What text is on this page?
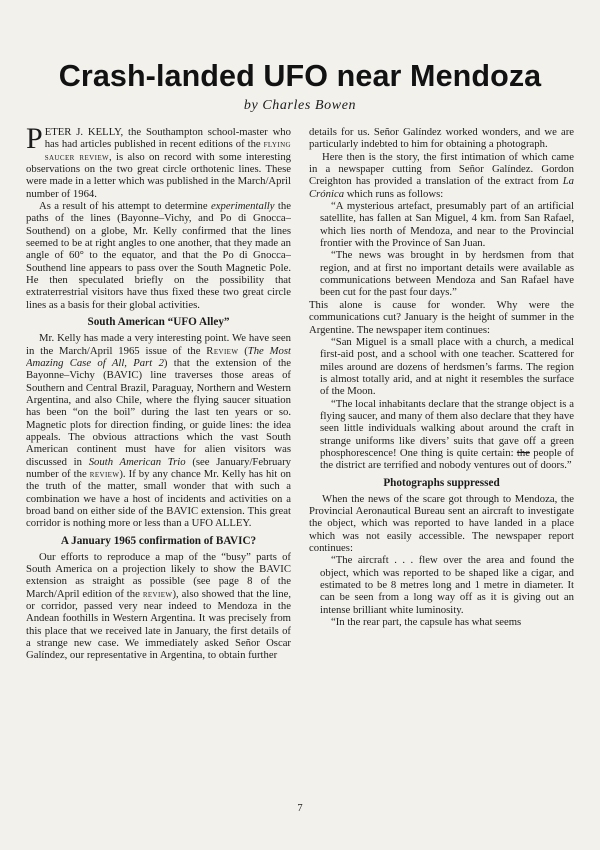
Crash-landed UFO near Mendoza
by Charles Bowen

PETER J. KELLY, the Southampton school-master who has had articles published in recent editions of the flying saucer review, is also on record with some interesting observations on the two great circle orthotenic lines. These were made in a letter which was published in the March/April number of 1964.

As a result of his attempt to determine experimentally the paths of the lines (Bayonne–Vichy, and Po di Gnocca–Southend) on a globe, Mr. Kelly confirmed that the lines seemed to be at right angles to one another, that they made an angle of 60° to the equator, and that the Po di Gnocca–Southend line appears to pass over the South Magnetic Pole. He then speculated briefly on the possibility that extraterrestrial visitors have thus fixed these two great circle lines as a basis for their global activities.

South American “UFO Alley”

Mr. Kelly has made a very interesting point. We have seen in the March/April 1965 issue of the Review (The Most Amazing Case of All, Part 2) that the extension of the Bayonne–Vichy (BAVIC) line traverses those areas of Southern and Central Brazil, Paraguay, Northern and Western Argentina, and also Chile, where the flying saucer situation has been “on the boil” during the last ten years or so. Magnetic plots for direction finding, or guide lines: the idea appeals. The obvious attractions which the vast South American continent must have for alien visitors was discussed in South American Trio (see January/February number of the review). If by any chance Mr. Kelly has hit on the truth of the matter, small wonder that with such a combination we have a host of incidents and activities on a broad band on either side of the BAVIC extension. This great corridor is nothing more or less than a UFO ALLEY.

A January 1965 confirmation of BAVIC?

Our efforts to reproduce a map of the “busy” parts of South America on a projection likely to show the BAVIC extension as straight as possible (see page 8 of the March/April edition of the review), also showed that the line, or corridor, passed very near indeed to Mendoza in the Andean foothills in Western Argentina. It was precisely from this place that we received late in January, the first details of a strange new case. We immediately asked Señor Oscar Galíndez, our representative in Argentina, to obtain further

details for us. Señor Galíndez worked wonders, and we are particularly indebted to him for obtaining a photograph.

Here then is the story, the first intimation of which came in a newspaper cutting from Señor Galíndez. Gordon Creighton has provided a translation of the extract from La Crónica which runs as follows:

“A mysterious artefact, presumably part of an artificial satellite, has fallen at San Miguel, 4 km. from San Rafael, which lies north of Mendoza, and near to the Provincial frontier with the Province of San Juan.

“The news was brought in by herdsmen from that region, and at first no important details were available as communications between Mendoza and San Rafael have been cut for the past four days.”

This alone is cause for wonder. Why were the communications cut? January is the height of summer in the Argentine. The newspaper item continues:

“San Miguel is a small place with a church, a medical first-aid post, and a school with one teacher. Scattered for miles around are dozens of herdsmen’s farms. The region is almost totally arid, and at night it resembles the surface of the Moon.

“The local inhabitants declare that the strange object is a flying saucer, and many of them also declare that they have seen little individuals walking about around the craft in strange uniforms like divers’ suits that gave off a green phosphorescence! One thing is quite certain: the people of the district are terrified and nobody ventures out of doors.”

Photographs suppressed

When the news of the scare got through to Mendoza, the Provincial Aeronautical Bureau sent an aircraft to investigate the object, which was reported to have landed in a place which was not easily accessible. The newspaper report continues:

“The aircraft . . . flew over the area and found the object, which was reported to be shaped like a cigar, and estimated to be 8 metres long and 1 metre in diameter. It can be seen from a long way off as it is giving out an intense brilliant white luminosity.

“In the rear part, the capsule has what seems

7
